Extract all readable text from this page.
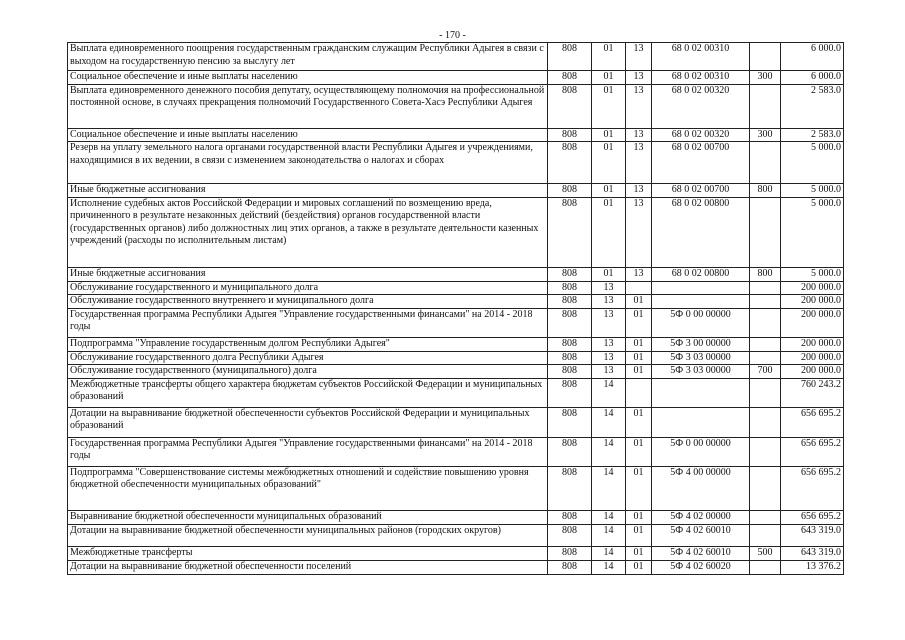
- 170 -
Выплата единовременного поощрения государственным гражданским служащим Республики Адыгея в связи с выходом на государственную пенсию за выслугу лет	808	01	13	68 0 02 00310		6 000.0
Социальное обеспечение и иные выплаты населению	808	01	13	68 0 02 00310	300	6 000.0
Выплата единовременного денежного пособия депутату, осуществляющему полномочия на профессиональной постоянной основе, в случаях прекращения полномочий Государственного Совета-Хасэ Республики Адыгея	808	01	13	68 0 02 00320		2 583.0
Социальное обеспечение и иные выплаты населению	808	01	13	68 0 02 00320	300	2 583.0
Резерв на уплату земельного налога органами государственной власти Республики Адыгея и учреждениями, находящимися в их ведении, в связи с изменением законодательства о налогах и сборах	808	01	13	68 0 02 00700		5 000.0
Иные бюджетные ассигнования	808	01	13	68 0 02 00700	800	5 000.0
Исполнение судебных актов Российской Федерации и мировых соглашений по возмещению вреда, причиненного в результате незаконных действий (бездействия) органов государственной власти (государственных органов) либо должностных лиц этих органов, а также в результате деятельности казенных учреждений (расходы по исполнительным листам)	808	01	13	68 0 02 00800		5 000.0
Иные бюджетные ассигнования	808	01	13	68 0 02 00800	800	5 000.0
Обслуживание государственного и муниципального долга	808	13				200 000.0
Обслуживание государственного внутреннего и муниципального долга	808	13	01			200 000.0
Государственная программа Республики Адыгея "Управление государственными финансами" на 2014 - 2018 годы	808	13	01	5Ф 0 00 00000		200 000.0
Подпрограмма "Управление государственным долгом Республики Адыгея"	808	13	01	5Ф 3 00 00000		200 000.0
Обслуживание государственного долга Республики Адыгея	808	13	01	5Ф 3 03 00000		200 000.0
Обслуживание государственного (муниципального) долга	808	13	01	5Ф 3 03 00000	700	200 000.0
Межбюджетные трансферты общего характера бюджетам субъектов Российской Федерации и муниципальных образований	808	14				760 243.2
Дотации на выравнивание бюджетной обеспеченности субъектов Российской Федерации и муниципальных образований	808	14	01			656 695.2
Государственная программа Республики Адыгея "Управление государственными финансами" на 2014 - 2018 годы	808	14	01	5Ф 0 00 00000		656 695.2
Подпрограмма "Совершенствование системы межбюджетных отношений и содействие повышению уровня бюджетной обеспеченности муниципальных образований"	808	14	01	5Ф 4 00 00000		656 695.2
Выравнивание бюджетной обеспеченности муниципальных образований	808	14	01	5Ф 4 02 00000		656 695.2
Дотации на выравнивание бюджетной обеспеченности муниципальных районов (городских округов)	808	14	01	5Ф 4 02 60010		643 319.0
Межбюджетные трансферты	808	14	01	5Ф 4 02 60010	500	643 319.0
Дотации на выравнивание бюджетной обеспеченности поселений	808	14	01	5Ф 4 02 60020		13 376.2
